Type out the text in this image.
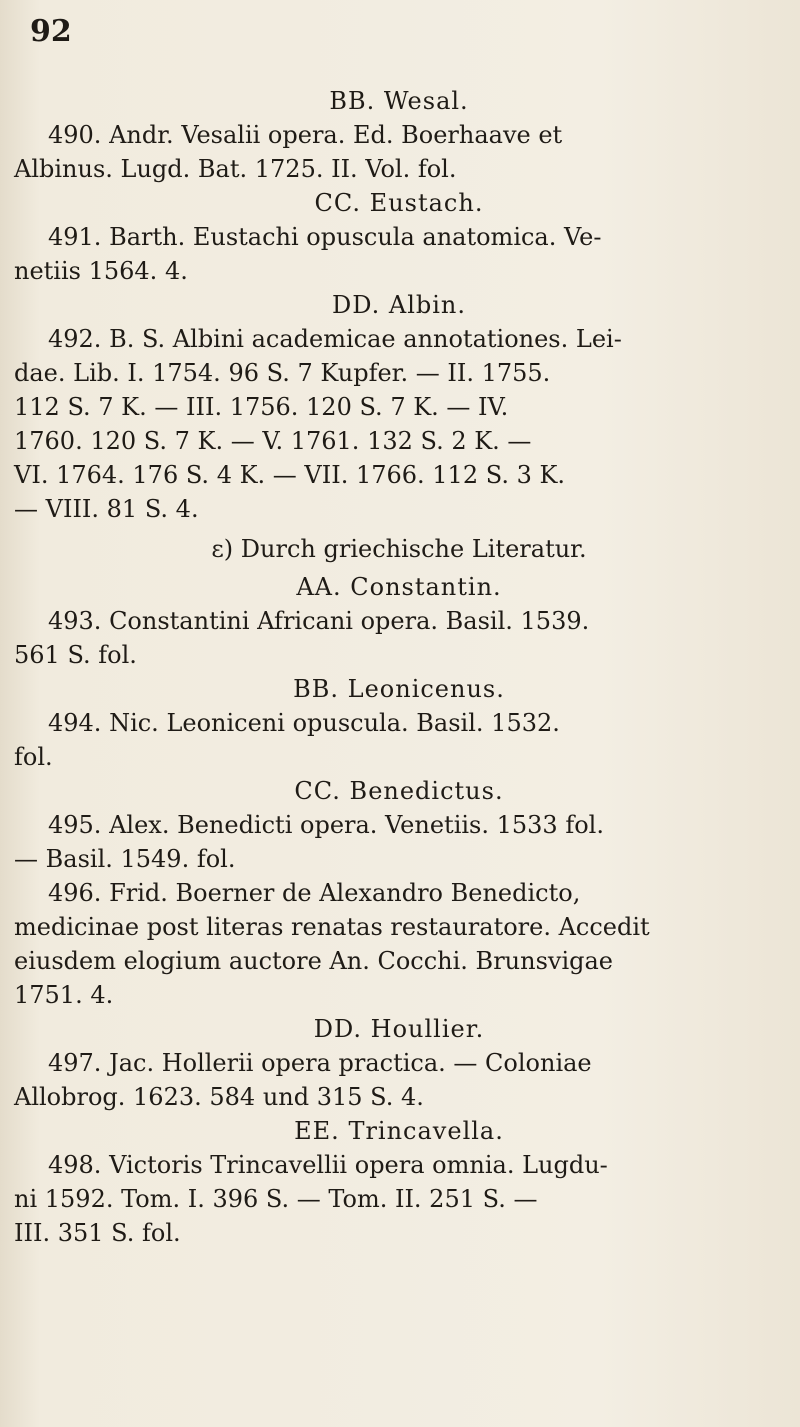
92

BB. Wesal.

490. Andr. Vesalii opera. Ed. Boerhaave et

Albinus. Lugd. Bat. 1725. II. Vol. fol.

CC. Eustach.

491. Barth. Eustachi opuscula anatomica. Ve-

netiis 1564. 4.

DD. Albin.

492. B. S. Albini academicae annotationes. Lei-

dae. Lib. I. 1754. 96 S. 7 Kupfer. — II. 1755.

112 S. 7 K. — III. 1756. 120 S. 7 K. — IV.

1760. 120 S. 7 K. — V. 1761. 132 S. 2 K. —

VI. 1764. 176 S. 4 K. — VII. 1766. 112 S. 3 K.

— VIII. 81 S. 4.

ε) Durch griechische Literatur.

AA. Constantin.

493. Constantini Africani opera. Basil. 1539.

561 S. fol.

BB. Leonicenus.

494. Nic. Leoniceni opuscula. Basil. 1532.

fol.

CC. Benedictus.

495. Alex. Benedicti opera. Venetiis. 1533 fol.

— Basil. 1549. fol.

496. Frid. Boerner de Alexandro Benedicto,

medicinae post literas renatas restauratore. Accedit

eiusdem elogium auctore An. Cocchi. Brunsvigae

1751. 4.

DD. Houllier.

497. Jac. Hollerii opera practica. — Coloniae

Allobrog. 1623. 584 und 315 S. 4.

EE. Trincavella.

498. Victoris Trincavellii opera omnia. Lugdu-

ni 1592. Tom. I. 396 S. — Tom. II. 251 S. —

III. 351 S. fol.
